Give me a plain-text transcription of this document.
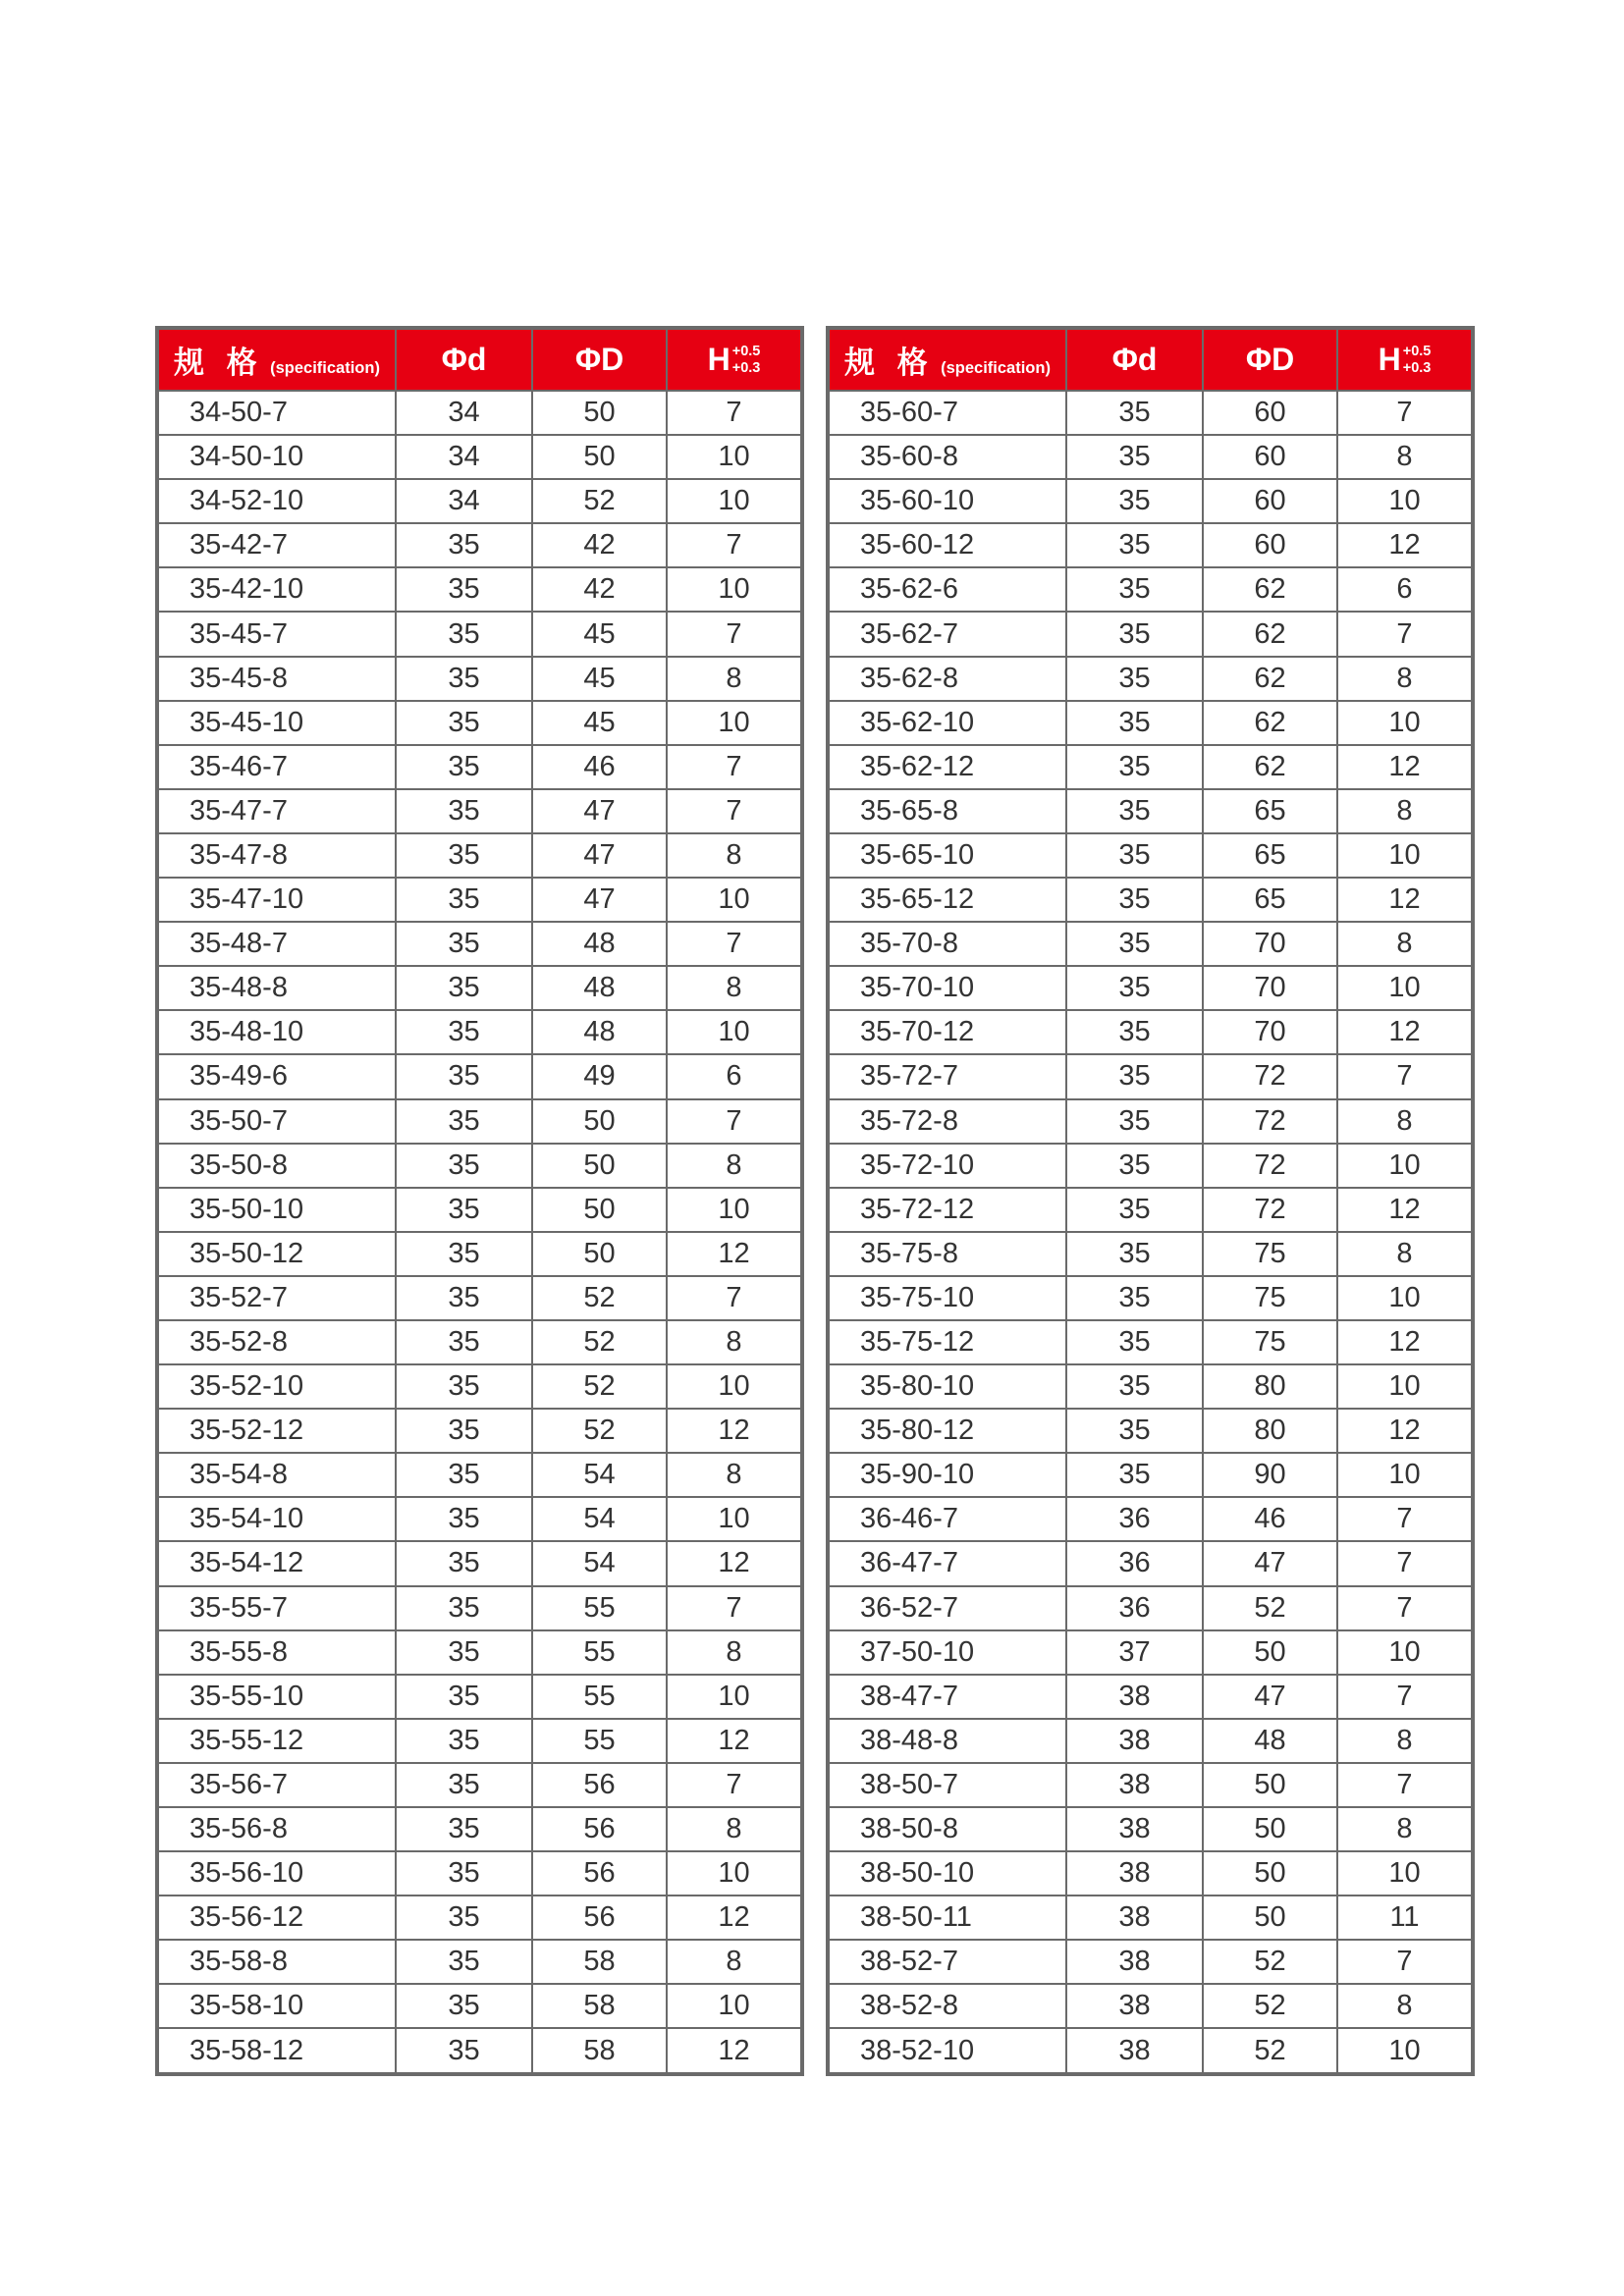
规 格 (specification)	Φd	ΦD	H +0.5
+0.3

34-50-7	34	50	7
34-50-10	34	50	10
34-52-10	34	52	10
35-42-7	35	42	7
35-42-10	35	42	10
35-45-7	35	45	7
35-45-8	35	45	8
35-45-10	35	45	10
35-46-7	35	46	7
35-47-7	35	47	7
35-47-8	35	47	8
35-47-10	35	47	10
35-48-7	35	48	7
35-48-8	35	48	8
35-48-10	35	48	10
35-49-6	35	49	6
35-50-7	35	50	7
35-50-8	35	50	8
35-50-10	35	50	10
35-50-12	35	50	12
35-52-7	35	52	7
35-52-8	35	52	8
35-52-10	35	52	10
35-52-12	35	52	12
35-54-8	35	54	8
35-54-10	35	54	10
35-54-12	35	54	12
35-55-7	35	55	7
35-55-8	35	55	8
35-55-10	35	55	10
35-55-12	35	55	12
35-56-7	35	56	7
35-56-8	35	56	8
35-56-10	35	56	10
35-56-12	35	56	12
35-58-8	35	58	8
35-58-10	35	58	10
35-58-12	35	58	12
规 格 (specification)	Φd	ΦD	H +0.5
+0.3

35-60-7	35	60	7
35-60-8	35	60	8
35-60-10	35	60	10
35-60-12	35	60	12
35-62-6	35	62	6
35-62-7	35	62	7
35-62-8	35	62	8
35-62-10	35	62	10
35-62-12	35	62	12
35-65-8	35	65	8
35-65-10	35	65	10
35-65-12	35	65	12
35-70-8	35	70	8
35-70-10	35	70	10
35-70-12	35	70	12
35-72-7	35	72	7
35-72-8	35	72	8
35-72-10	35	72	10
35-72-12	35	72	12
35-75-8	35	75	8
35-75-10	35	75	10
35-75-12	35	75	12
35-80-10	35	80	10
35-80-12	35	80	12
35-90-10	35	90	10
36-46-7	36	46	7
36-47-7	36	47	7
36-52-7	36	52	7
37-50-10	37	50	10
38-47-7	38	47	7
38-48-8	38	48	8
38-50-7	38	50	7
38-50-8	38	50	8
38-50-10	38	50	10
38-50-11	38	50	11
38-52-7	38	52	7
38-52-8	38	52	8
38-52-10	38	52	10
